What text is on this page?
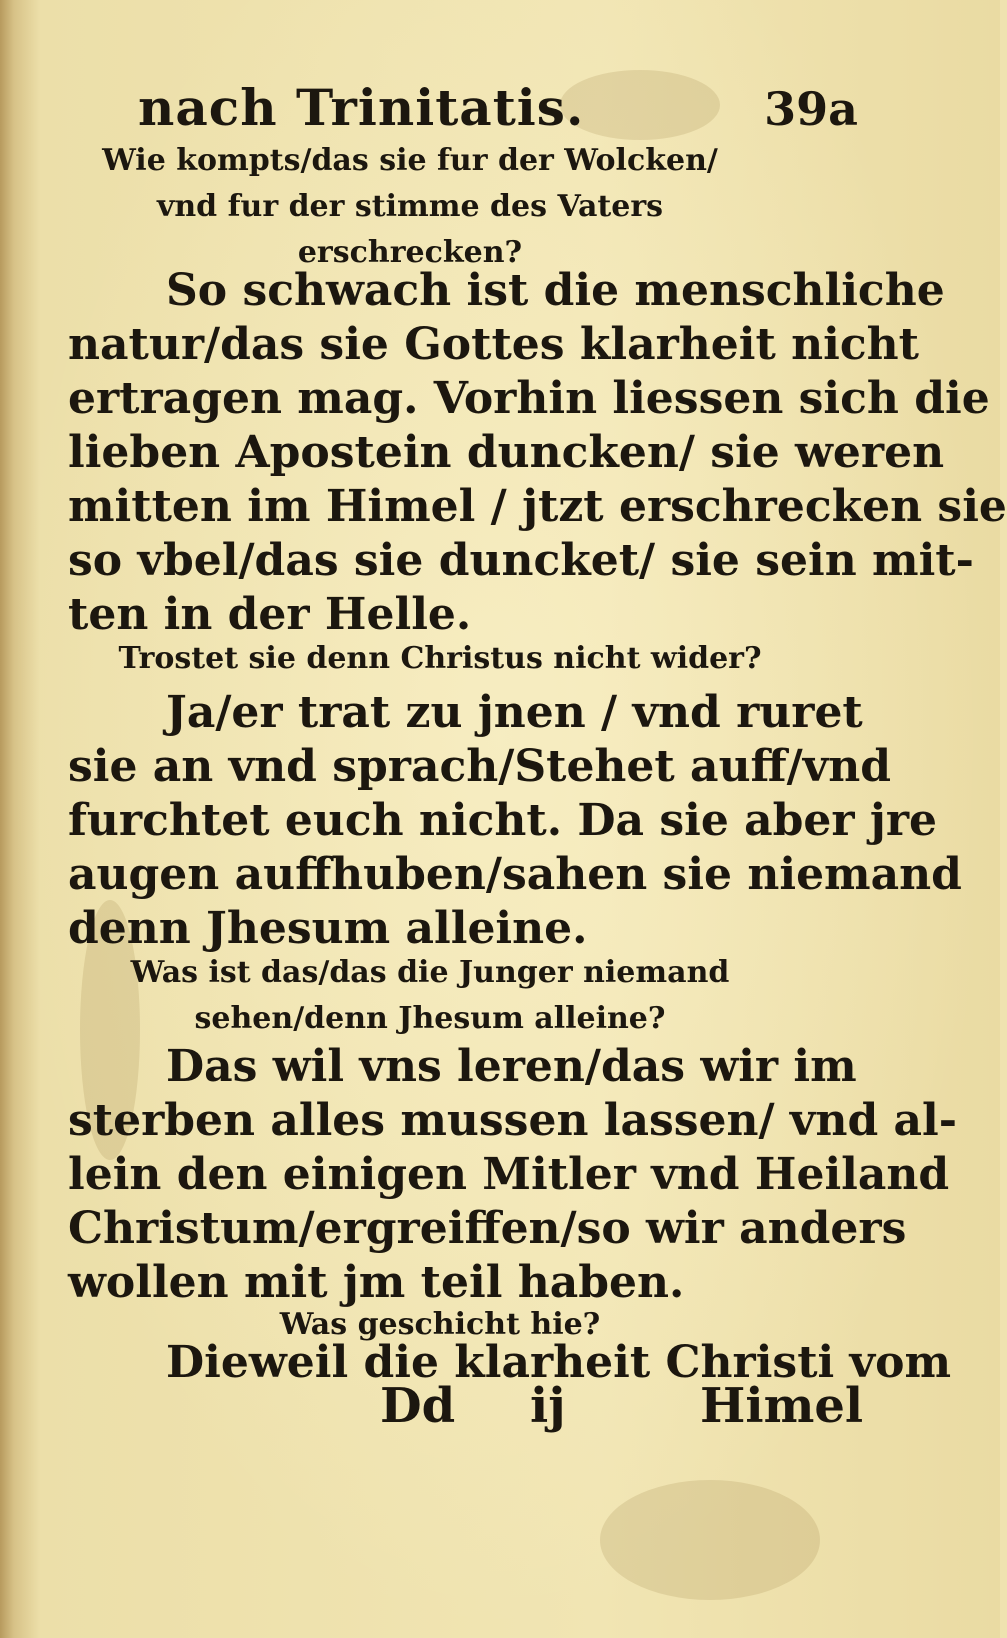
nach Trinitatis.	39a
Wie kompts/das sie fur der Wolcken/
vnd fur der stimme des Vaters
erschrecken?
So schwach ist die menschliche
natur/das sie Gottes klarheit nicht
ertragen mag. Vorhin liessen sich die
lieben Apostein duncken/ sie weren
mitten im Himel / jtzt erschrecken sie
so vbel/das sie duncket/ sie sein mit-
ten in der Helle.
Trostet sie denn Christus nicht wider?
Ja/er trat zu jnen / vnd ruret
sie an vnd sprach/Stehet auff/vnd
furchtet euch nicht. Da sie aber jre
augen auffhuben/sahen sie niemand
denn Jhesum alleine.
Was ist das/das die Junger niemand
sehen/denn Jhesum alleine?
Das wil vns leren/das wir im
sterben alles mussen lassen/ vnd al-
lein den einigen Mitler vnd Heiland
Christum/ergreiffen/so wir anders
wollen mit jm teil haben.
Was geschicht hie?
Dieweil die klarheit Christi vom
Dd ij	Himel
